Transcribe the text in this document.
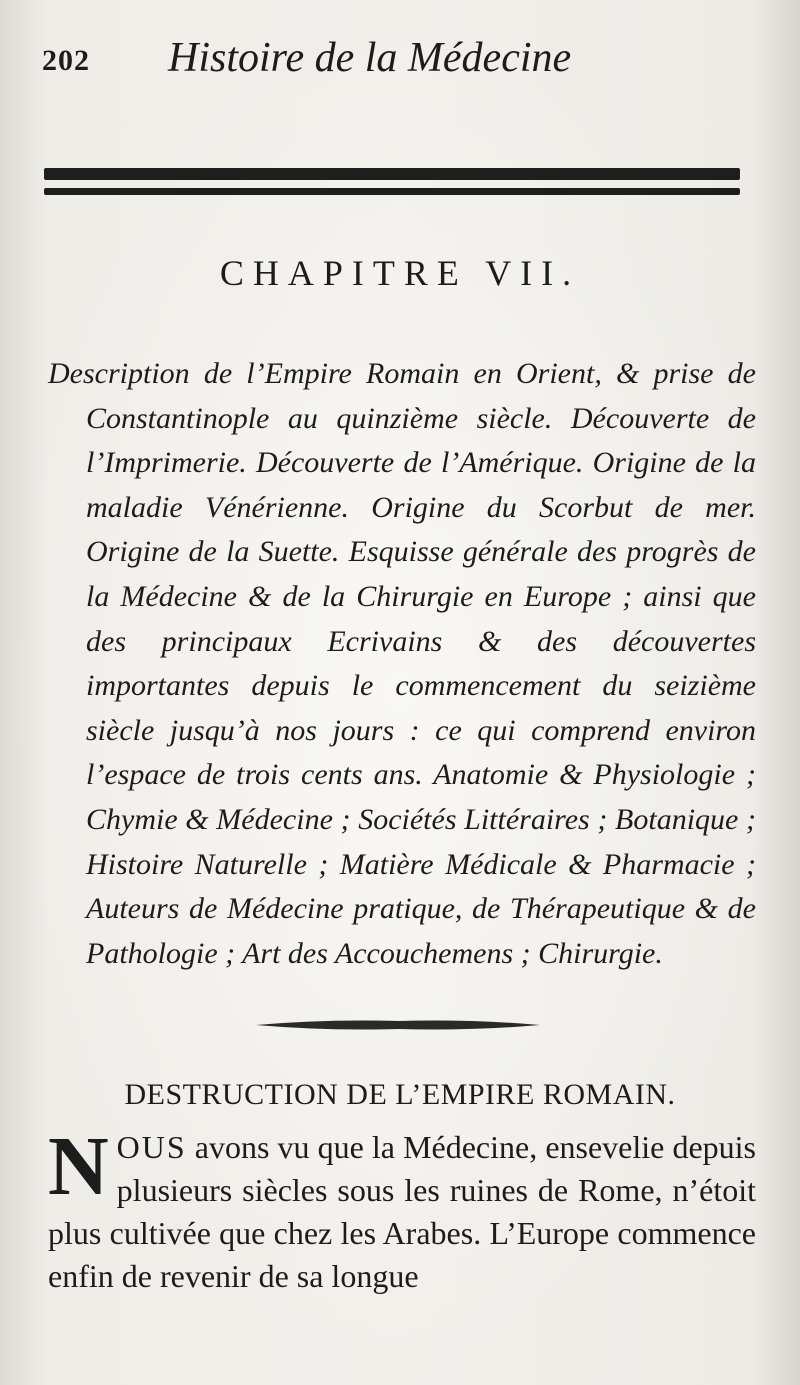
202 Histoire de la Médecine
CHAPITRE VII.
Description de l’Empire Romain en Orient, & prise de Constantinople au quinzième siècle. Découverte de l’Imprimerie. Découverte de l’Amérique. Origine de la maladie Vénérienne. Origine du Scorbut de mer. Origine de la Suette. Esquisse générale des progrès de la Médecine & de la Chirurgie en Europe ; ainsi que des principaux Ecrivains & des découvertes importantes depuis le commencement du seizième siècle jusqu’à nos jours : ce qui comprend environ l’espace de trois cents ans. Anatomie & Physiologie ; Chymie & Médecine ; Sociétés Littéraires ; Botanique ; Histoire Naturelle ; Matière Médicale & Pharmacie ; Auteurs de Médecine pratique, de Thérapeutique & de Pathologie ; Art des Accouchemens ; Chirurgie.
DESTRUCTION DE L’EMPIRE ROMAIN.
N OUS avons vu que la Médecine, ensevelie depuis plusieurs siècles sous les ruines de Rome, n’étoit plus cultivée que chez les Arabes. L’Europe commence enfin de revenir de sa longue
